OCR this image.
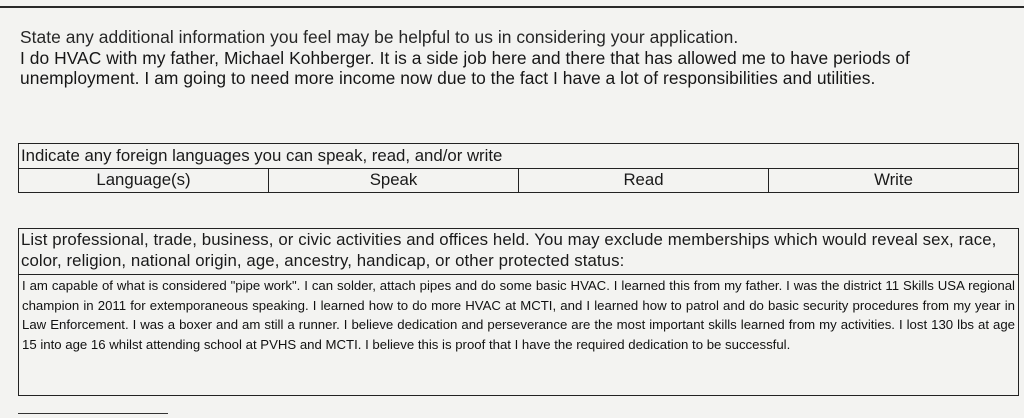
State any additional information you feel may be helpful to us in considering your application.

I do HVAC with my father, Michael Kohberger. It is a side job here and there that has allowed me to have periods of unemployment. I am going to need more income now due to the fact I have a lot of responsibilities and utilities.

Indicate any foreign languages you can speak, read, and/or write
Language(s)	Speak	Read	Write
List professional, trade, business, or civic activities and offices held. You may exclude memberships which would reveal sex, race, color, religion, national origin, age, ancestry, handicap, or other protected status:
I am capable of what is considered "pipe work". I can solder, attach pipes and do some basic HVAC. I learned this from my father. I was the district 11 Skills USA regional champion in 2011 for extemporaneous speaking. I learned how to do more HVAC at MCTI, and I learned how to patrol and do basic security procedures from my year in Law Enforcement. I was a boxer and am still a runner. I believe dedication and perseverance are the most important skills learned from my activities. I lost 130 lbs at age 15 into age 16 whilst attending school at PVHS and MCTI. I believe this is proof that I have the required dedication to be successful.
